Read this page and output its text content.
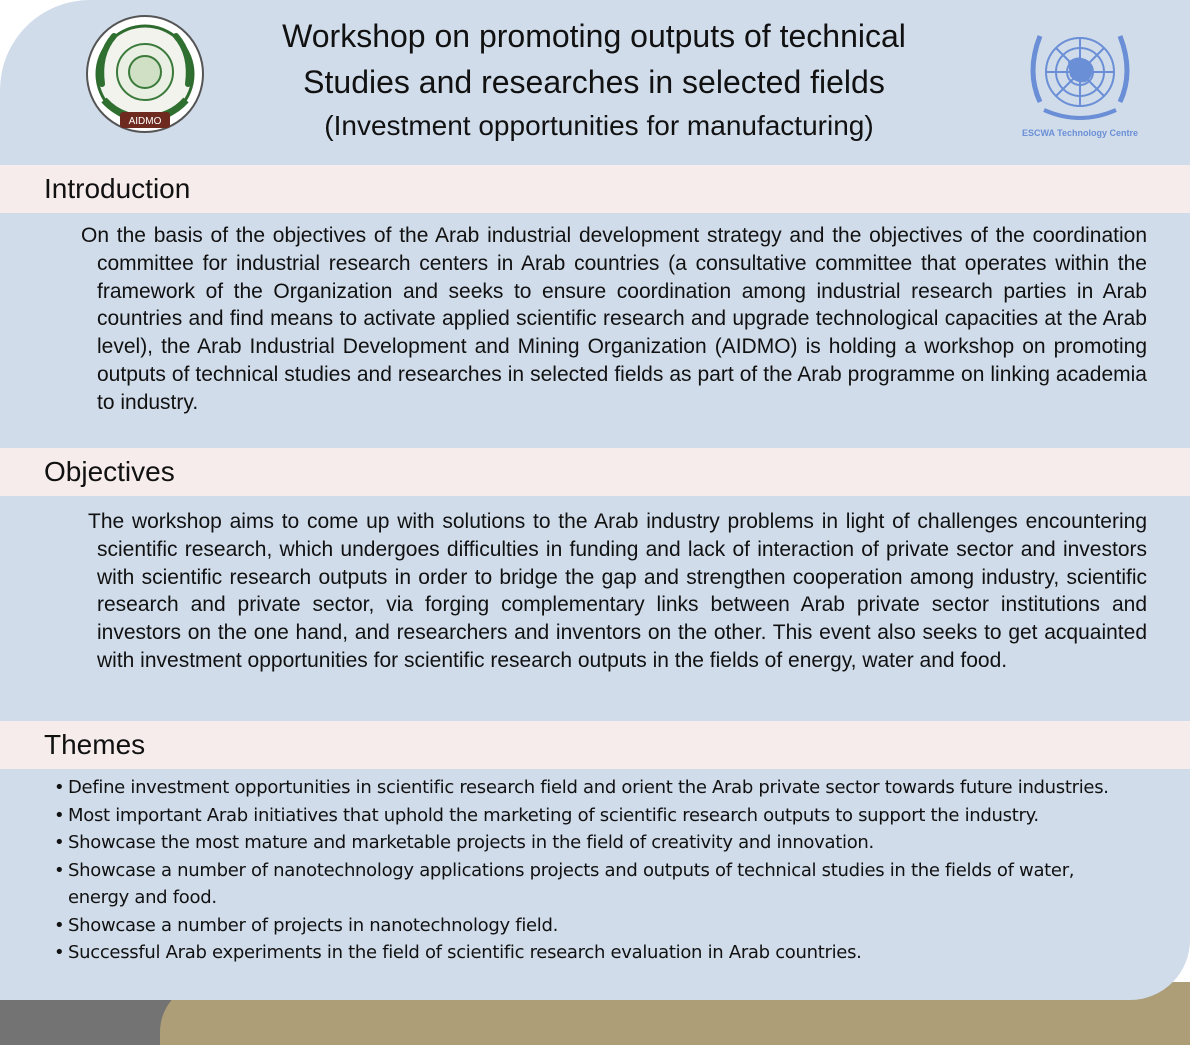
AIDMO
Workshop on promoting outputs of technical
Studies and researches in selected fields
(Investment opportunities for manufacturing)	ESCWA Technology Centre
Introduction
On the basis of the objectives of the Arab industrial development strategy and the objectives of the coordination committee for industrial research centers in Arab countries (a consultative committee that operates within the framework of the Organization and seeks to ensure coordination among industrial research parties in Arab countries and find means to activate applied scientific research and upgrade technological capacities at the Arab level), the Arab Industrial Development and Mining Organization (AIDMO) is holding a workshop on promoting outputs of technical studies and researches in selected fields as part of the Arab programme on linking academia to industry.
Objectives
The workshop aims to come up with solutions to the Arab industry problems in light of challenges encountering scientific research, which undergoes difficulties in funding and lack of interaction of private sector and investors with scientific research outputs in order to bridge the gap and strengthen cooperation among industry, scientific research and private sector, via forging complementary links between Arab private sector institutions and investors on the one hand, and researchers and inventors on the other. This event also seeks to get acquainted with investment opportunities for scientific research outputs in the fields of energy, water and food.
Themes
• Define investment opportunities in scientific research field and orient the Arab private sector towards future industries.
• Most important Arab initiatives that uphold the marketing of scientific research outputs to support the industry.
• Showcase the most mature and marketable projects in the field of creativity and innovation.
• Showcase a number of nanotechnology applications projects and outputs of technical studies in the fields of water, energy and food.
• Showcase a number of projects in nanotechnology field.
• Successful Arab experiments in the field of scientific research evaluation in Arab countries.
